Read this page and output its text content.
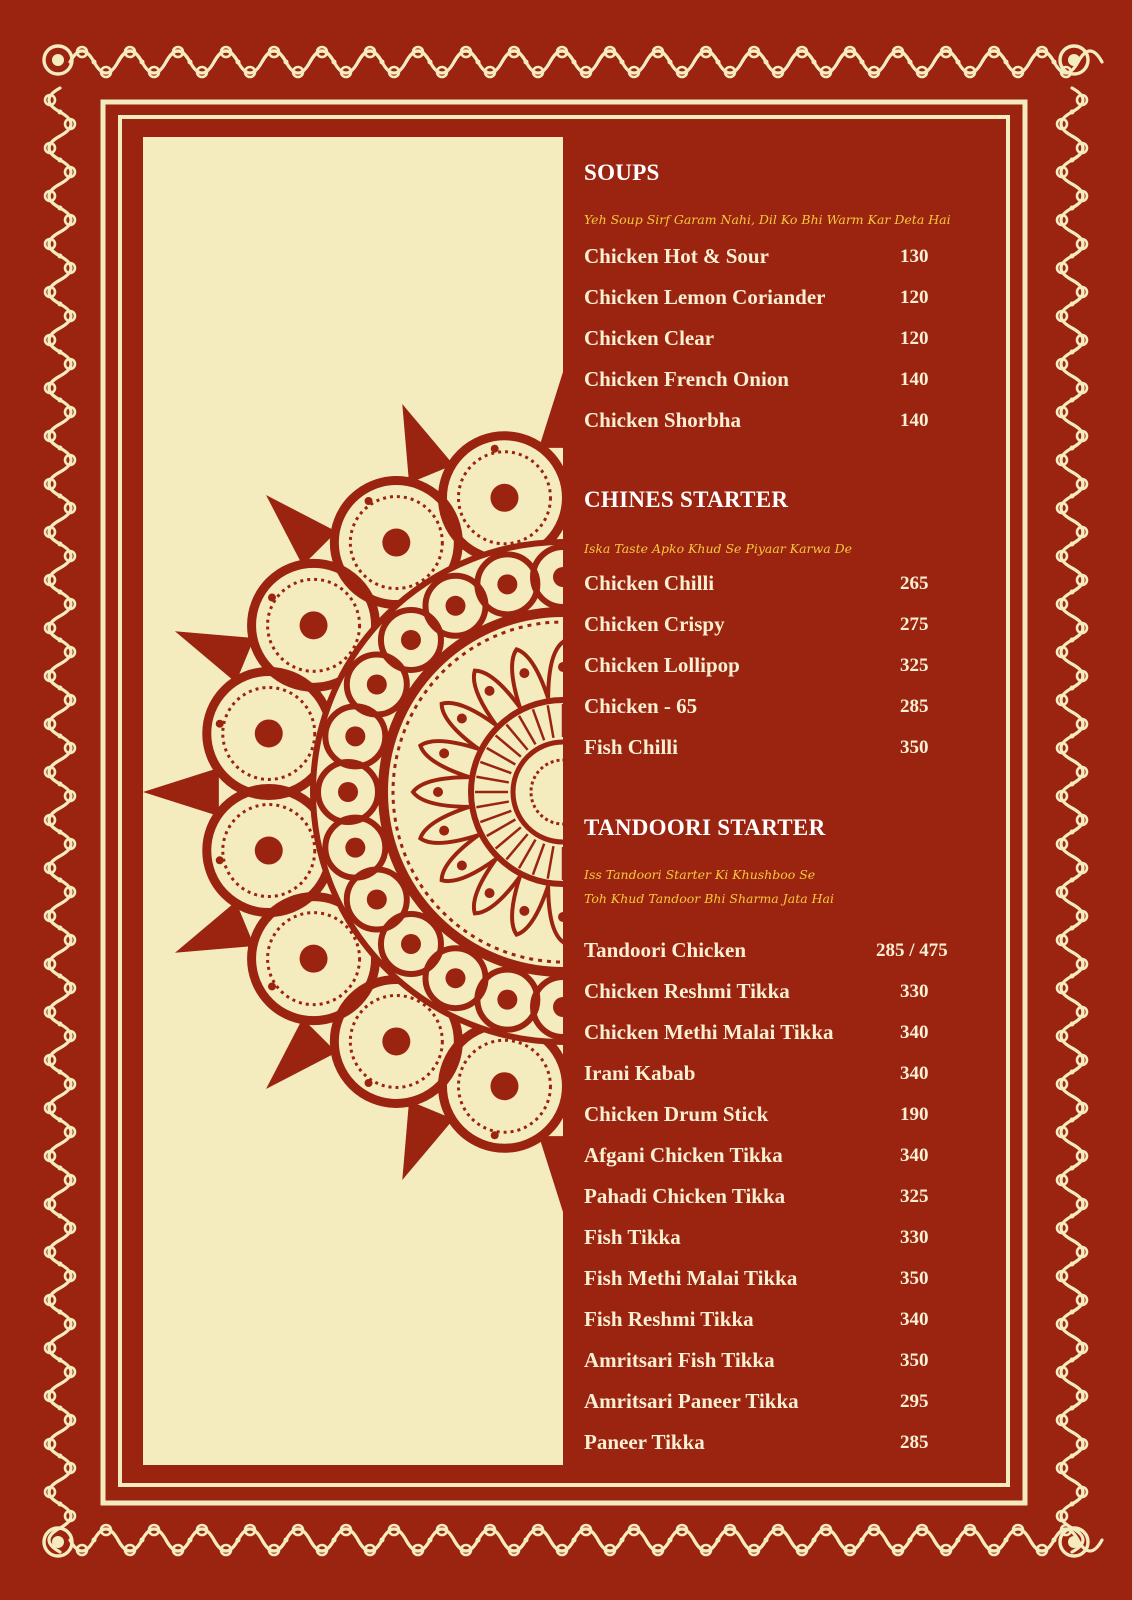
SOUPS
Yeh Soup Sirf Garam Nahi, Dil Ko Bhi Warm Kar Deta Hai
CHINES STARTER
Iska Taste Apko Khud Se Piyaar Karwa De
TANDOORI STARTER
Iss Tandoori Starter Ki Khushboo Se
Toh Khud Tandoor Bhi Sharma Jata Hai
Chicken Hot & Sour	130
Chicken Lemon Coriander	120
Chicken Clear	120
Chicken French Onion	140
Chicken Shorbha	140
Chicken Chilli	265
Chicken Crispy	275
Chicken Lollipop	325
Chicken - 65	285
Fish Chilli	350
Tandoori Chicken	285 / 475
Chicken Reshmi Tikka	330
Chicken Methi Malai Tikka	340
Irani Kabab	340
Chicken Drum Stick	190
Afgani Chicken Tikka	340
Pahadi Chicken Tikka	325
Fish Tikka	330
Fish Methi Malai Tikka	350
Fish Reshmi Tikka	340
Amritsari Fish Tikka	350
Amritsari Paneer Tikka	295
Paneer Tikka	285
